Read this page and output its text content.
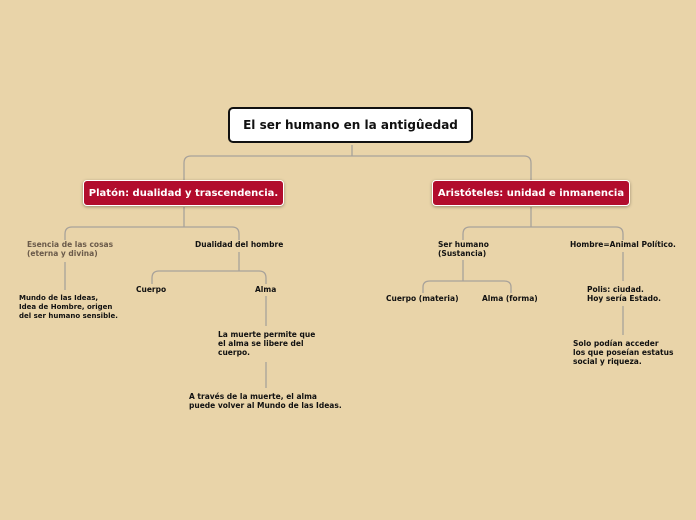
El ser humano en la antigûedad
Platón: dualidad y trascendencia.	Aristóteles: unidad e inmanencia
Esencia de las cosas
(eterna y divina)
Mundo de las Ideas,
Idea de Hombre, origen
del ser humano sensible.
Dualidad del hombre
Cuerpo	Alma
La muerte permite que
el alma se libere del
cuerpo.
A través de la muerte, el alma
puede volver al Mundo de las Ideas.
Ser humano
(Sustancia)
Cuerpo (materia)	Alma (forma)
Hombre=Animal Político.
Polis: ciudad.
Hoy sería Estado.
Solo podían acceder
los que poseían estatus
social y riqueza.
